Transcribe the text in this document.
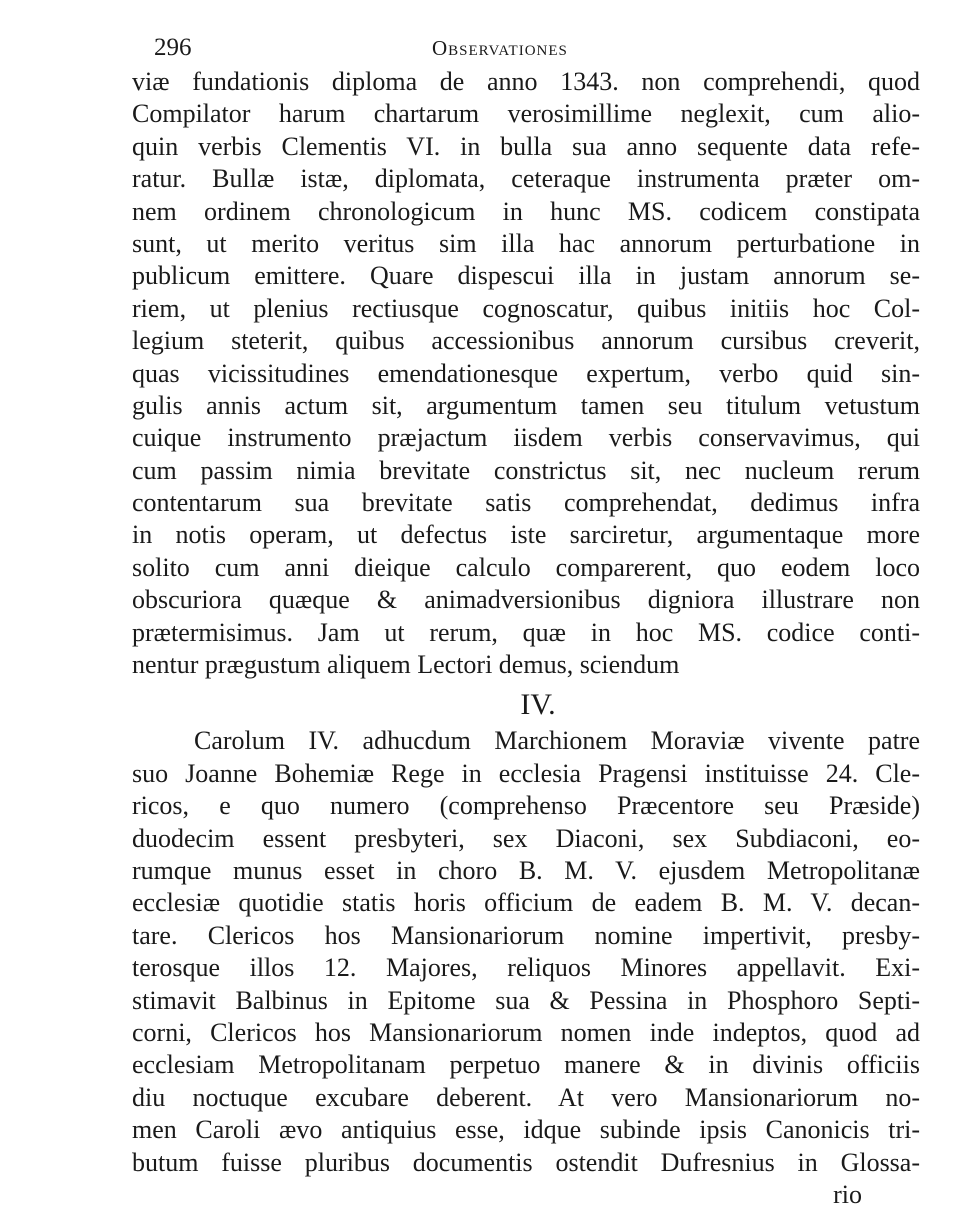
296	Observationes
viæ fundationis diploma de anno 1343. non comprehendi, quod
Compilator harum chartarum verosimillime neglexit, cum alio-
quin verbis Clementis VI. in bulla sua anno sequente data refe-
ratur. Bullæ istæ, diplomata, ceteraque instrumenta præter om-
nem ordinem chronologicum in hunc MS. codicem constipata
sunt, ut merito veritus sim illa hac annorum perturbatione in
publicum emittere. Quare dispescui illa in justam annorum se-
riem, ut plenius rectiusque cognoscatur, quibus initiis hoc Col-
legium steterit, quibus accessionibus annorum cursibus creverit,
quas vicissitudines emendationesque expertum, verbo quid sin-
gulis annis actum sit, argumentum tamen seu titulum vetustum
cuique instrumento præjactum iisdem verbis conservavimus, qui
cum passim nimia brevitate constrictus sit, nec nucleum rerum
contentarum sua brevitate satis comprehendat, dedimus infra
in notis operam, ut defectus iste sarciretur, argumentaque more
solito cum anni dieique calculo comparerent, quo eodem loco
obscuriora quæque & animadversionibus digniora illustrare non
prætermisimus. Jam ut rerum, quæ in hoc MS. codice conti-
nentur prægustum aliquem Lectori demus, sciendum
IV.
Carolum IV. adhucdum Marchionem Moraviæ vivente patre
suo Joanne Bohemiæ Rege in ecclesia Pragensi instituisse 24. Cle-
ricos, e quo numero (comprehenso Præcentore seu Præside)
duodecim essent presbyteri, sex Diaconi, sex Subdiaconi, eo-
rumque munus esset in choro B. M. V. ejusdem Metropolitanæ
ecclesiæ quotidie statis horis officium de eadem B. M. V. decan-
tare. Clericos hos Mansionariorum nomine impertivit, presby-
terosque illos 12. Majores, reliquos Minores appellavit. Exi-
stimavit Balbinus in Epitome sua & Pessina in Phosphoro Septi-
corni, Clericos hos Mansionariorum nomen inde indeptos, quod ad
ecclesiam Metropolitanam perpetuo manere & in divinis officiis
diu noctuque excubare deberent. At vero Mansionariorum no-
men Caroli ævo antiquius esse, idque subinde ipsis Canonicis tri-
butum fuisse pluribus documentis ostendit Dufresnius in Glossa-
rio
